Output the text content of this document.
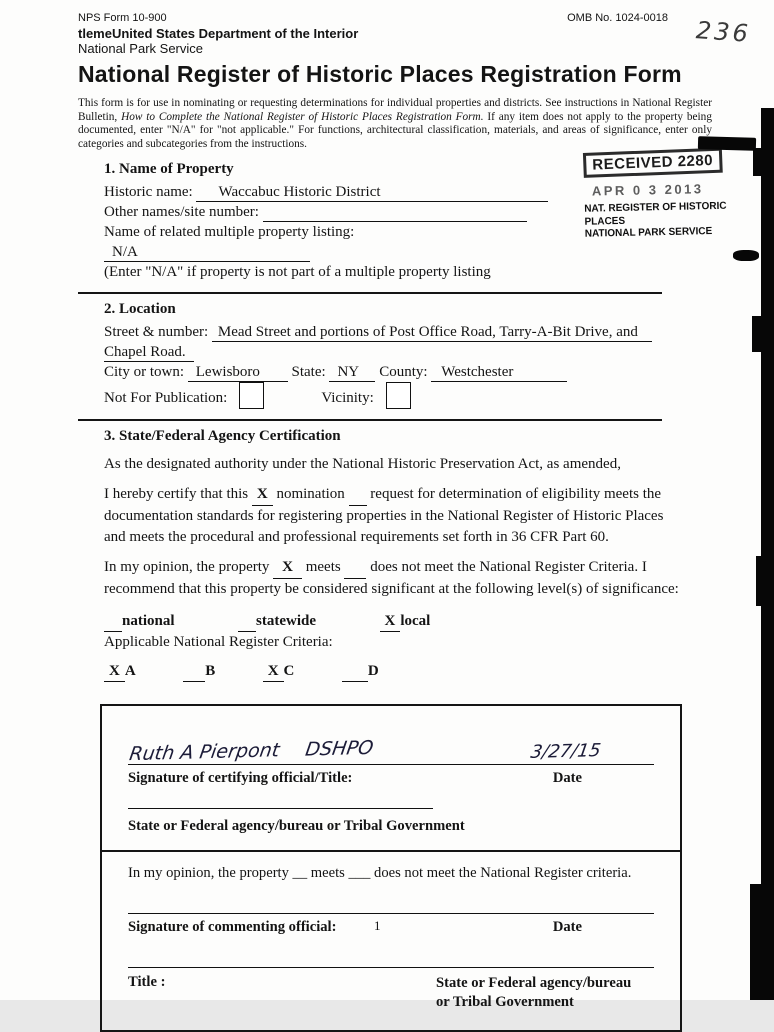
NPS Form 10-900	OMB No. 1024-0018
tlemeUnited States Department of the Interior
National Park Service
National Register of Historic Places Registration Form

This form is for use in nominating or requesting determinations for individual properties and districts. See instructions in National Register Bulletin, How to Complete the National Register of Historic Places Registration Form. If any item does not apply to the property being documented, enter "N/A" for "not applicable." For functions, architectural classification, materials, and areas of significance, enter only categories and subcategories from the instructions.

1. Name of Property
Historic name: Waccabuc Historic District
Other names/site number:
Name of related multiple property listing:
N/A
(Enter "N/A" if property is not part of a multiple property listing
2. Location
Street & number: Mead Street and portions of Post Office Road, Tarry-A-Bit Drive, and
Chapel Road.
City or town: Lewisboro State: NY County: Westchester
Not For Publication:	Vicinity:
3. State/Federal Agency Certification

As the designated authority under the National Historic Preservation Act, as amended,

I hereby certify that this X nomination request for determination of eligibility meets the documentation standards for registering properties in the National Register of Historic Places and meets the procedural and professional requirements set forth in 36 CFR Part 60.

In my opinion, the property X meets does not meet the National Register Criteria. I recommend that this property be considered significant at the following level(s) of significance:

national	statewide	X local
Applicable National Register Criteria:
X A	B	X C	D
Ruth A Pierpont DSHPO	3/27/15
Signature of certifying official/Title:	Date
State or Federal agency/bureau or Tribal Government
In my opinion, the property __ meets ___ does not meet the National Register criteria.
Signature of commenting official:	Date
Title :	State or Federal agency/bureau
or Tribal Government
236
RECEIVED 2280
APR 0 3 2013
NAT. REGISTER OF HISTORIC PLACES
NATIONAL PARK SERVICE
1
